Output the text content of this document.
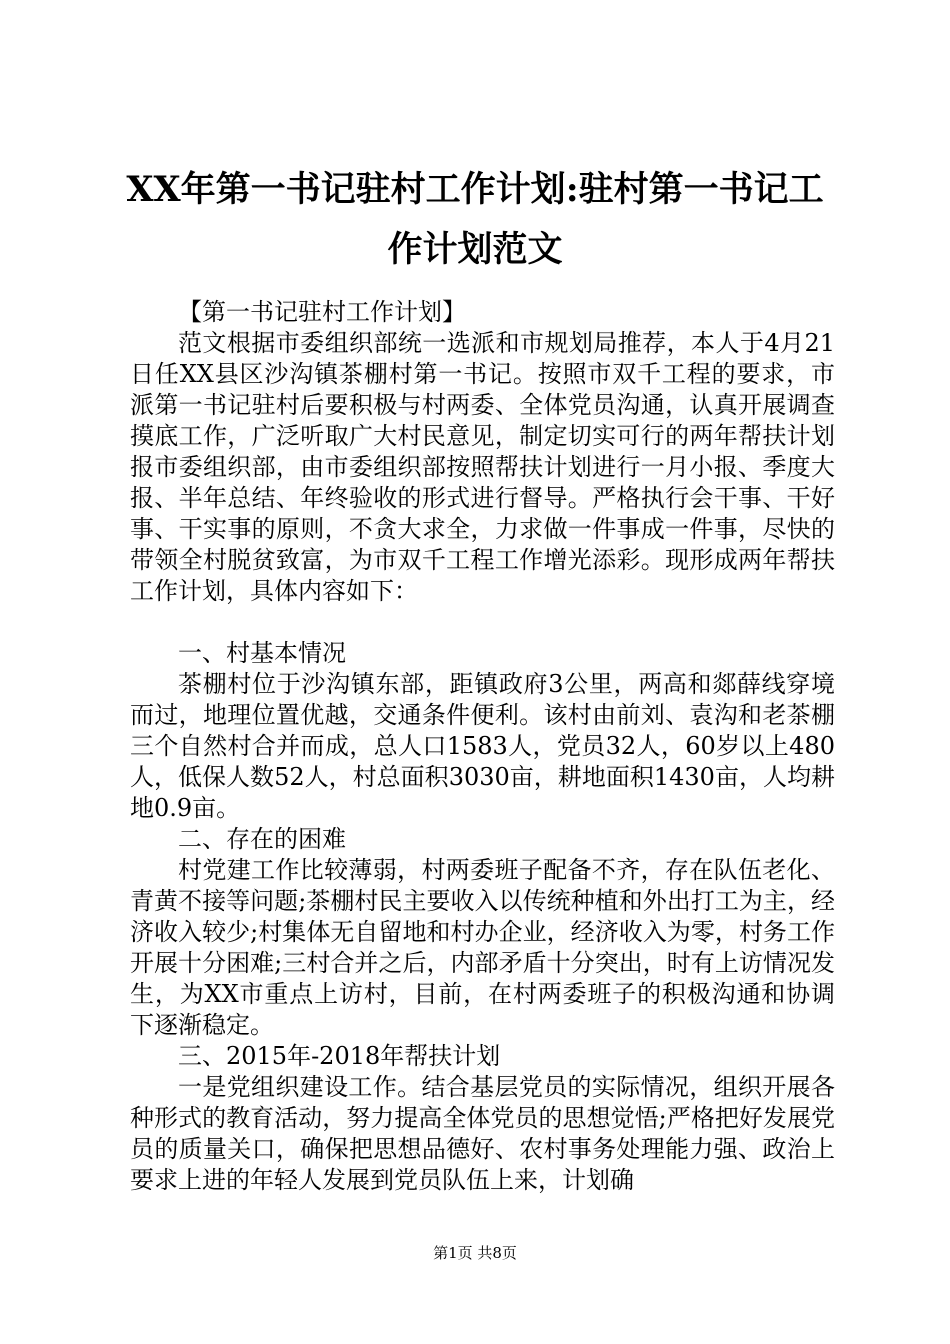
XX年第一书记驻村工作计划:驻村第一书记工作计划范文

【第一书记驻村工作计划】

范文根据市委组织部统一选派和市规划局推荐，本人于4月21日任XX县区沙沟镇茶棚村第一书记。按照市双千工程的要求，市派第一书记驻村后要积极与村两委、全体党员沟通，认真开展调查摸底工作，广泛听取广大村民意见，制定切实可行的两年帮扶计划报市委组织部，由市委组织部按照帮扶计划进行一月小报、季度大报、半年总结、年终验收的形式进行督导。严格执行会干事、干好事、干实事的原则，不贪大求全，力求做一件事成一件事，尽快的带领全村脱贫致富，为市双千工程工作增光添彩。现形成两年帮扶工作计划，具体内容如下：

一、村基本情况

茶棚村位于沙沟镇东部，距镇政府3公里，两高和郯薛线穿境而过，地理位置优越，交通条件便利。该村由前刘、袁沟和老茶棚三个自然村合并而成，总人口1583人，党员32人，60岁以上480人，低保人数52人，村总面积3030亩，耕地面积1430亩，人均耕地0.9亩。

二、存在的困难

村党建工作比较薄弱，村两委班子配备不齐，存在队伍老化、青黄不接等问题;茶棚村民主要收入以传统种植和外出打工为主，经济收入较少;村集体无自留地和村办企业，经济收入为零，村务工作开展十分困难;三村合并之后，内部矛盾十分突出，时有上访情况发生，为XX市重点上访村，目前，在村两委班子的积极沟通和协调下逐渐稳定。

三、2015年-2018年帮扶计划

一是党组织建设工作。结合基层党员的实际情况，组织开展各种形式的教育活动，努力提高全体党员的思想觉悟;严格把好发展党员的质量关口，确保把思想品德好、农村事务处理能力强、政治上要求上进的年轻人发展到党员队伍上来，计划确

第1页 共8页
